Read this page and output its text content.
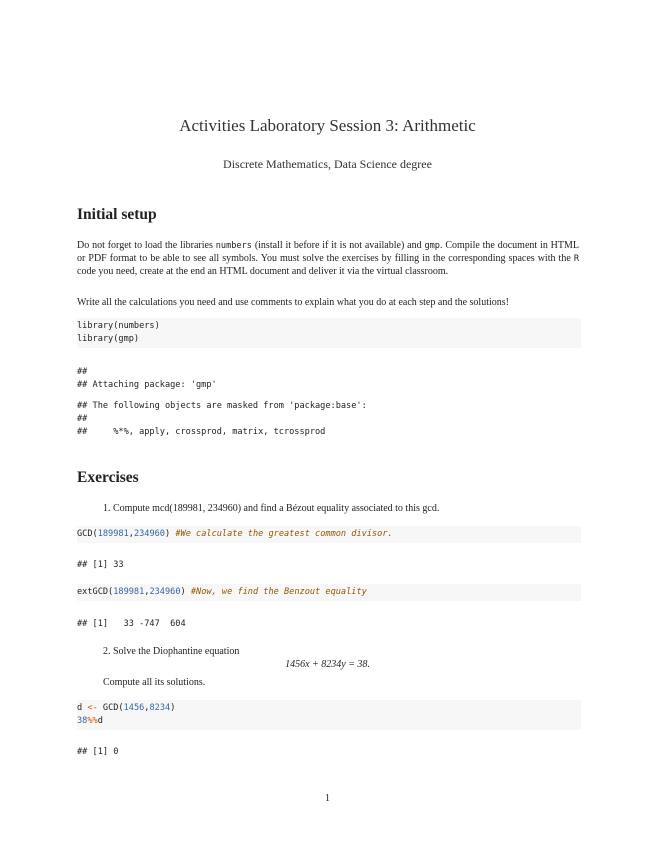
Activities Laboratory Session 3: Arithmetic
Discrete Mathematics, Data Science degree
Initial setup
Do not forget to load the libraries numbers (install it before if it is not available) and gmp. Compile the document in HTML or PDF format to be able to see all symbols. You must solve the exercises by filling in the corresponding spaces with the R code you need, create at the end an HTML document and deliver it via the virtual classroom.
Write all the calculations you need and use comments to explain what you do at each step and the solutions!
library(numbers)
library(gmp)
##
## Attaching package: 'gmp'
## The following objects are masked from 'package:base':
##
##     %*%, apply, crossprod, matrix, tcrossprod
Exercises
1. Compute mcd(189981, 234960) and find a Bézout equality associated to this gcd.
GCD(189981,234960) #We calculate the greatest common divisor.
## [1] 33
extGCD(189981,234960) #Now, we find the Benzout equality
## [1]   33 -747  604
2. Solve the Diophantine equation
1456x + 8234y = 38.
Compute all its solutions.
d <- GCD(1456,8234)
38%%d
## [1] 0
1
